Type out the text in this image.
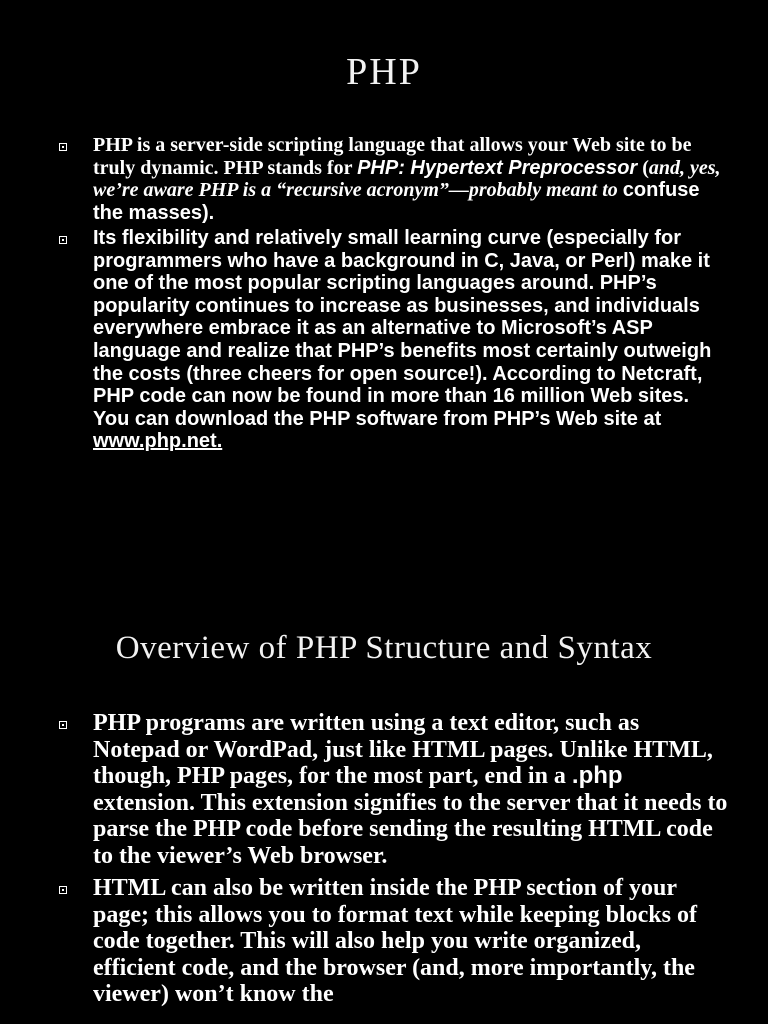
PHP
PHP is a server-side scripting language that allows your Web site to be truly dynamic. PHP stands for PHP: Hypertext Preprocessor (and, yes, we’re aware PHP is a “recursive acronym”—probably meant to confuse the masses).
Its flexibility and relatively small learning curve (especially for programmers who have a background in C, Java, or Perl) make it one of the most popular scripting languages around. PHP’s popularity continues to increase as businesses, and individuals everywhere embrace it as an alternative to Microsoft’s ASP language and realize that PHP’s benefits most certainly outweigh the costs (three cheers for open source!). According to Netcraft, PHP code can now be found in more than 16 million Web sites. You can download the PHP software from PHP’s Web site at www.php.net.
Overview of PHP Structure and Syntax
PHP programs are written using a text editor, such as Notepad or WordPad, just like HTML pages. Unlike HTML, though, PHP pages, for the most part, end in a .php extension. This extension signifies to the server that it needs to parse the PHP code before sending the resulting HTML code to the viewer’s Web browser.
HTML can also be written inside the PHP section of your page; this allows you to format text while keeping blocks of code together. This will also help you write organized, efficient code, and the browser (and, more importantly, the viewer) won’t know the
